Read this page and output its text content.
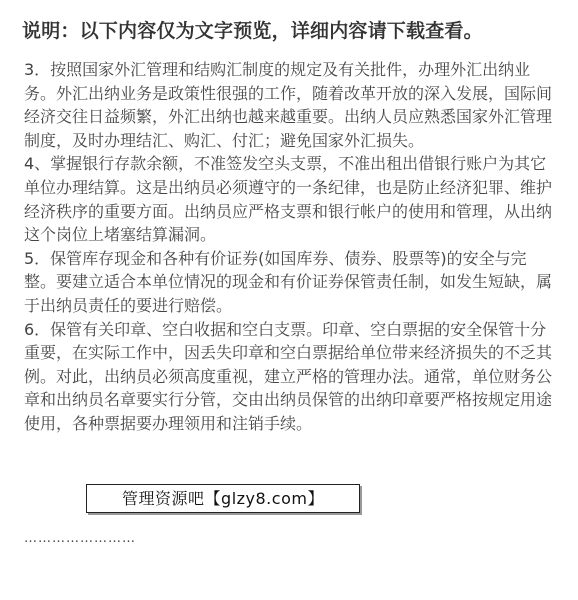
说明：以下内容仅为文字预览，详细内容请下载查看。

3．按照国家外汇管理和结购汇制度的规定及有关批件，办理外汇出纳业务。外汇出纳业务是政策性很强的工作，随着改革开放的深入发展，国际间经济交往日益频繁，外汇出纳也越来越重要。出纳人员应熟悉国家外汇管理制度，及时办理结汇、购汇、付汇；避免国家外汇损失。

4、掌握银行存款余额，不准签发空头支票，不准出租出借银行账户为其它单位办理结算。这是出纳员必须遵守的一条纪律，也是防止经济犯罪、维护经济秩序的重要方面。出纳员应严格支票和银行帐户的使用和管理，从出纳这个岗位上堵塞结算漏洞。

5．保管库存现金和各种有价证券(如国库券、债券、股票等)的安全与完整。要建立适合本单位情况的现金和有价证券保管责任制，如发生短缺，属于出纳员责任的要进行赔偿。

6．保管有关印章、空白收据和空白支票。印章、空白票据的安全保管十分重要，在实际工作中，因丢失印章和空白票据给单位带来经济损失的不乏其例。对此，出纳员必须高度重视，建立严格的管理办法。通常，单位财务公章和出纳员名章要实行分管，交由出纳员保管的出纳印章要严格按规定用途使用，各种票据要办理领用和注销手续。

……………………
管理资源吧【glzy8.com】
